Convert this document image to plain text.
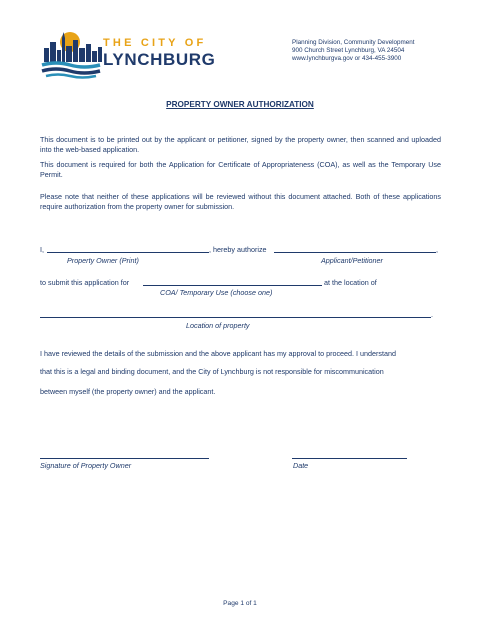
THE CITY OF
LYNCHBURG
Planning Division, Community Development
900 Church Street Lynchburg, VA 24504
www.lynchburgva.gov or 434-455-3900
PROPERTY OWNER AUTHORIZATION
This document is to be printed out by the applicant or petitioner, signed by the property owner, then scanned and uploaded into the web-based application.
This document is required for both the Application for Certificate of Appropriateness (COA), as well as the Temporary Use Permit.
Please note that neither of these applications will be reviewed without this document attached. Both of these applications require authorization from the property owner for submission.
I,	, hereby authorize	,
Property Owner (Print)	Applicant/Petitioner
to submit this application for	at the location of
COA/ Temporary Use (choose one)
.
Location of property
I have reviewed the details of the submission and the above applicant has my approval to proceed. I understand
that this is a legal and binding document, and the City of Lynchburg is not responsible for miscommunication
between myself (the property owner) and the applicant.
Signature of Property Owner	Date
Page 1 of 1
